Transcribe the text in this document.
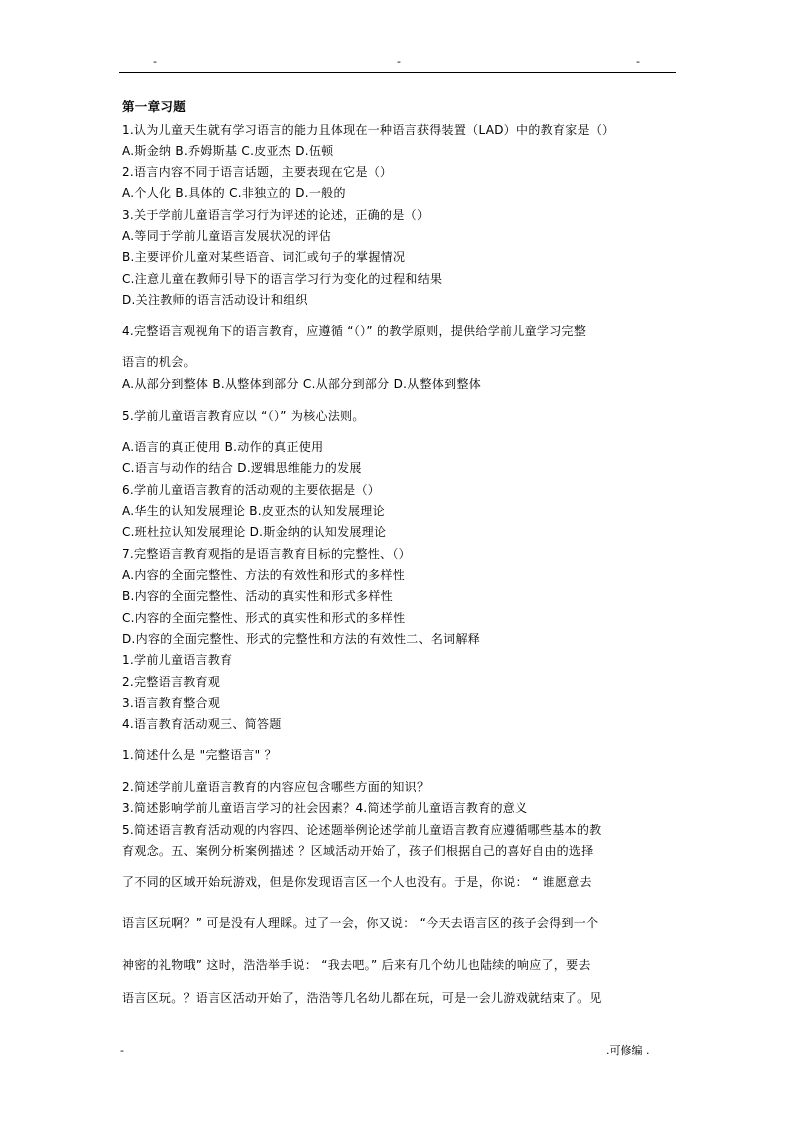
-	-	-
第一章习题
1.认为儿童天生就有学习语言的能力且体现在一种语言获得装置（LAD）中的教育家是（）
A.斯金纳 B.乔姆斯基 C.皮亚杰 D.伍顿
2.语言内容不同于语言话题，主要表现在它是（）
A.个人化 B.具体的 C.非独立的 D.一般的
3.关于学前儿童语言学习行为评述的论述，正确的是（）
A.等同于学前儿童语言发展状况的评估
B.主要评价儿童对某些语音、词汇或句子的掌握情况
C.注意儿童在教师引导下的语言学习行为变化的过程和结果
D.关注教师的语言活动设计和组织
4.完整语言观视角下的语言教育，应遵循 “（）” 的教学原则，提供给学前儿童学习完整
语言的机会。
A.从部分到整体 B.从整体到部分 C.从部分到部分 D.从整体到整体
5.学前儿童语言教育应以 “（）” 为核心法则。
A.语言的真正使用 B.动作的真正使用
C.语言与动作的结合 D.逻辑思维能力的发展
6.学前儿童语言教育的活动观的主要依据是（）
A.华生的认知发展理论 B.皮亚杰的认知发展理论
C.班杜拉认知发展理论 D.斯金纳的认知发展理论
7.完整语言教育观指的是语言教育目标的完整性、（）
A.内容的全面完整性、方法的有效性和形式的多样性
B.内容的全面完整性、活动的真实性和形式多样性
C.内容的全面完整性、形式的真实性和形式的多样性
D.内容的全面完整性、形式的完整性和方法的有效性二、名词解释
1.学前儿童语言教育
2.完整语言教育观
3.语言教育整合观
4.语言教育活动观三、简答题
1.简述什么是 "完整语言" ？
2.简述学前儿童语言教育的内容应包含哪些方面的知识？
3.简述影响学前儿童语言学习的社会因素？4.简述学前儿童语言教育的意义
5.简述语言教育活动观的内容四、论述题举例论述学前儿童语言教育应遵循哪些基本的教
育观念。五、案例分析案例描述 ？区域活动开始了，孩子们根据自己的喜好自由的选择
了不同的区域开始玩游戏，但是你发现语言区一个人也没有。于是，你说： “ 谁愿意去
语言区玩啊？” 可是没有人理睬。过了一会，你又说： “今天去语言区的孩子会得到一个
神密的礼物哦” 这时，浩浩举手说： “我去吧。” 后来有几个幼儿也陆续的响应了，要去
语言区玩。？语言区活动开始了，浩浩等几名幼儿都在玩，可是一会儿游戏就结束了。见
-	.可修编 .
